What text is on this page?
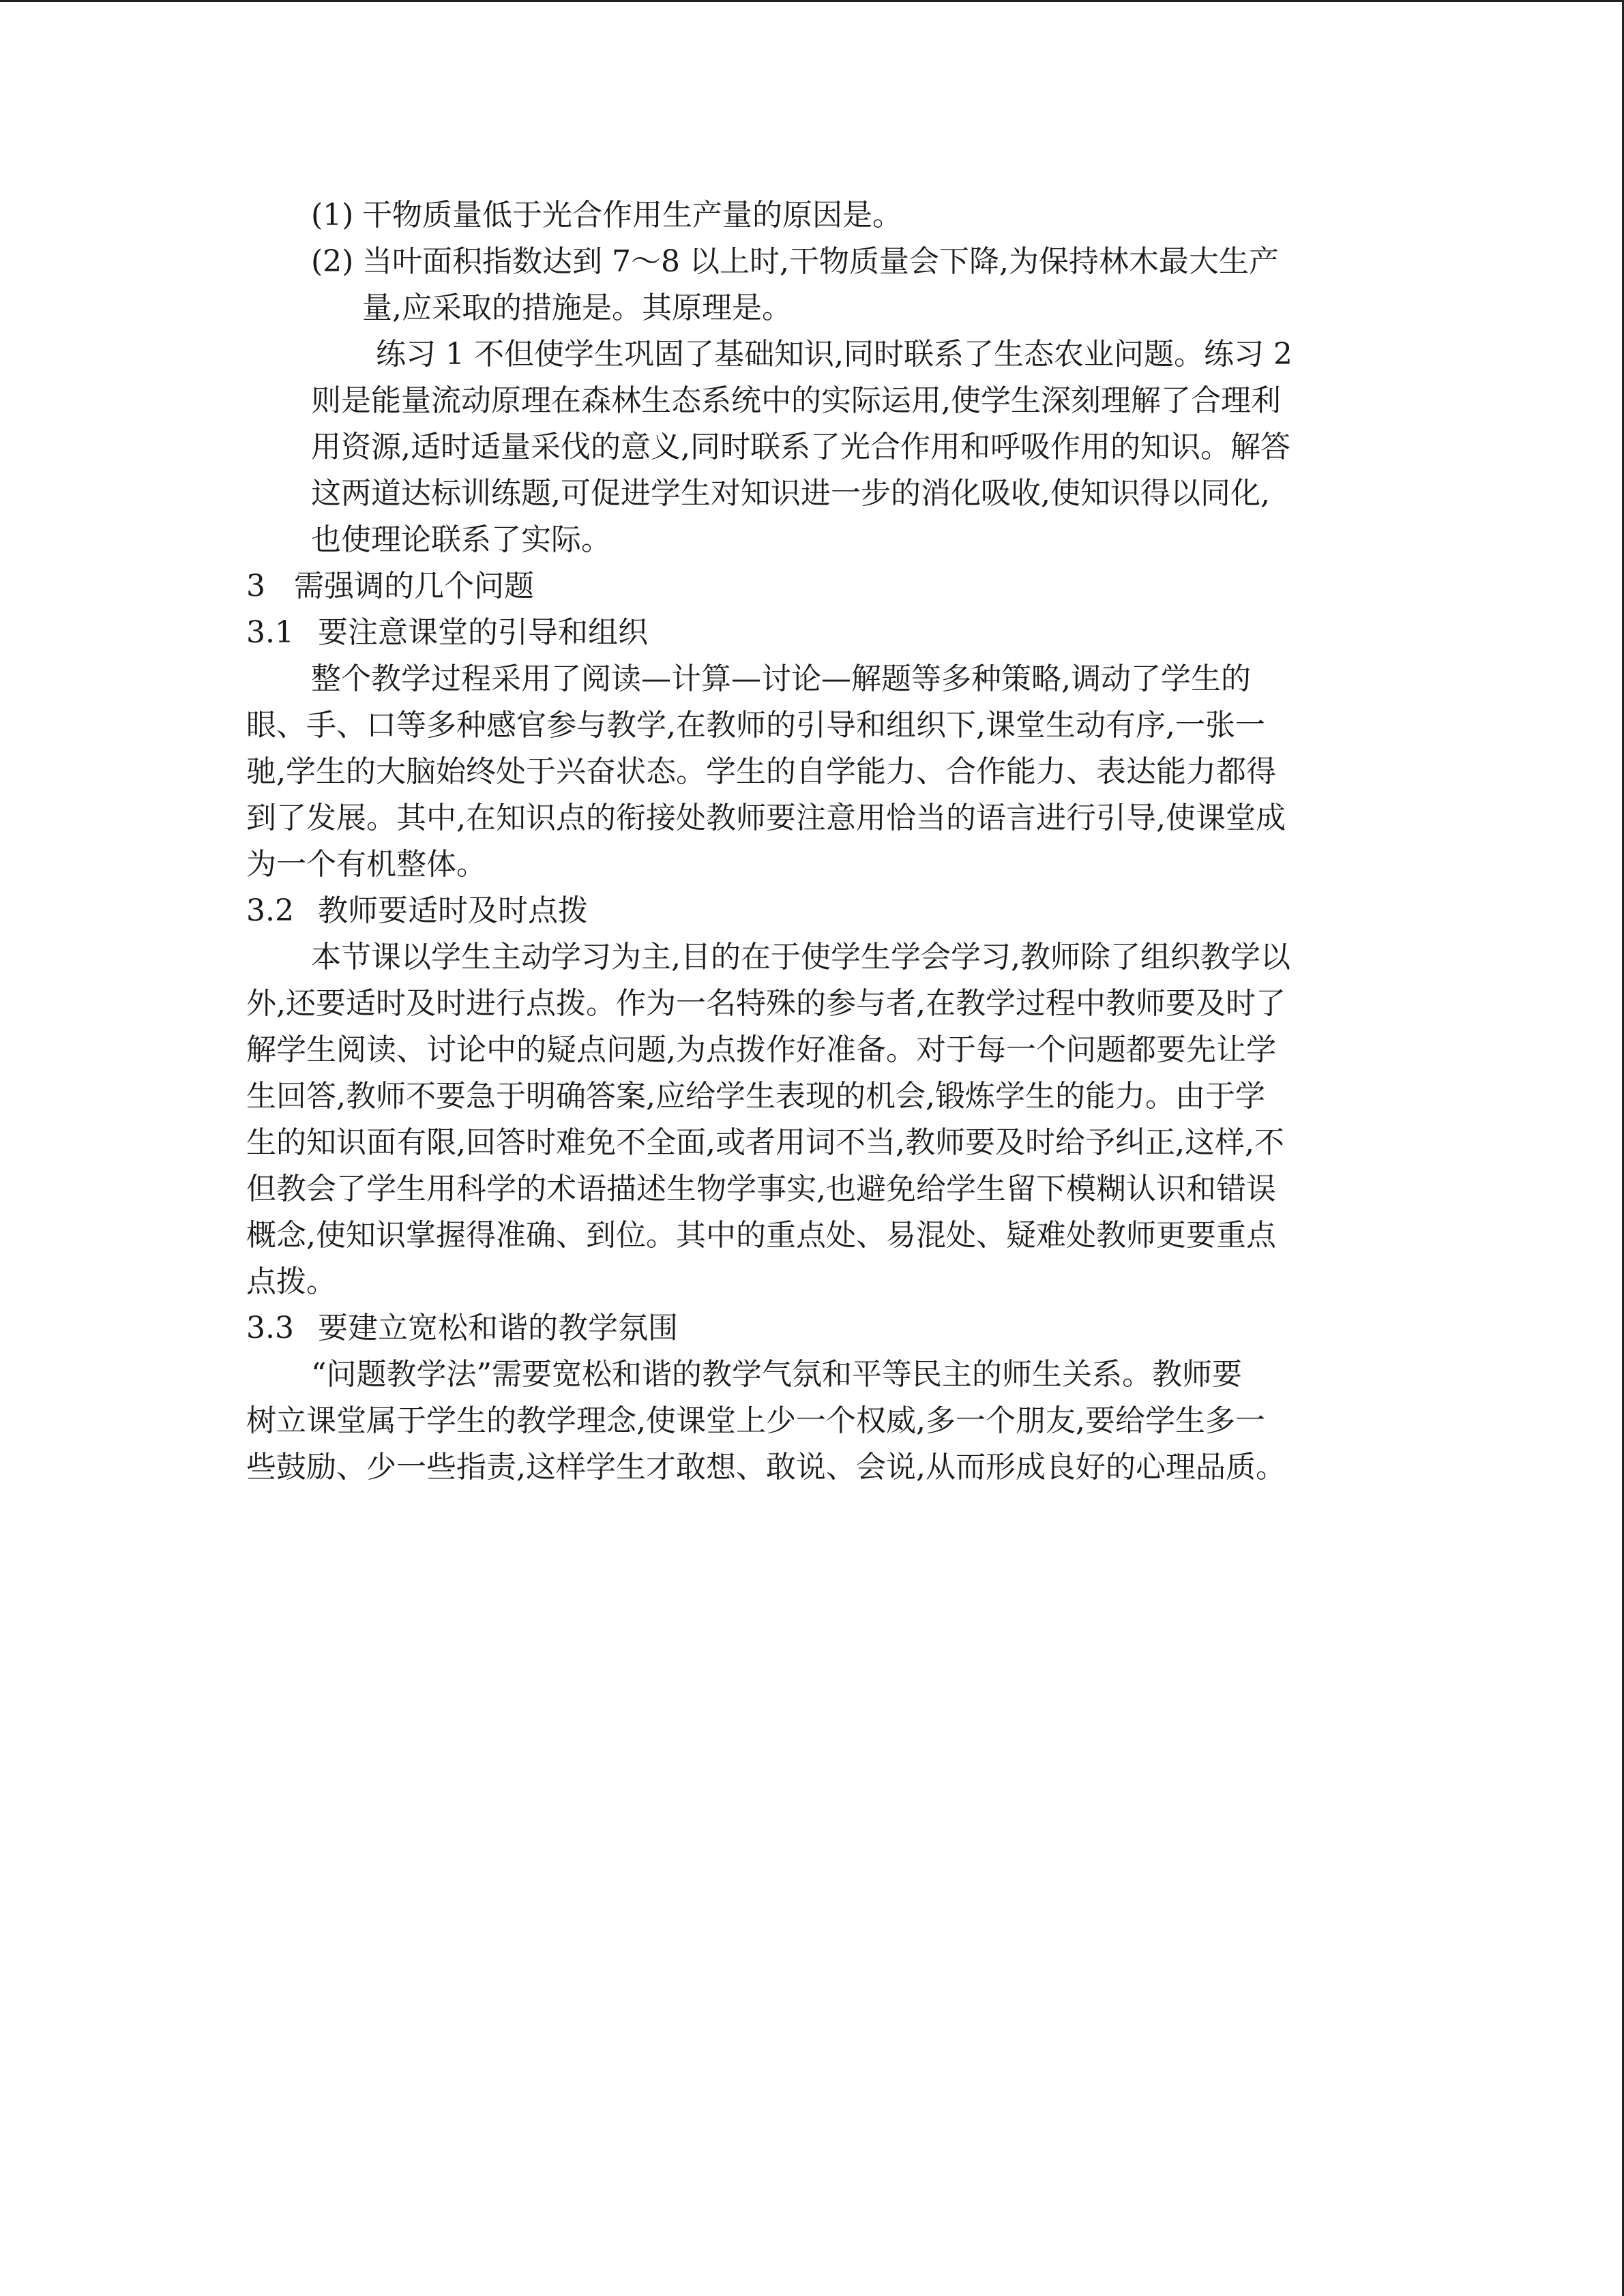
(1) 干物质量低于光合作用生产量的原因是。
(2) 当叶面积指数达到 7～8 以上时,干物质量会下降,为保持林木最大生产
量,应采取的措施是。其原理是。
练习 1 不但使学生巩固了基础知识,同时联系了生态农业问题。练习 2
则是能量流动原理在森林生态系统中的实际运用,使学生深刻理解了合理利
用资源,适时适量采伐的意义,同时联系了光合作用和呼吸作用的知识。解答
这两道达标训练题,可促进学生对知识进一步的消化吸收,使知识得以同化,
也使理论联系了实际。
3 需强调的几个问题
3.1 要注意课堂的引导和组织
整个教学过程采用了阅读—计算—讨论—解题等多种策略,调动了学生的
眼、手、口等多种感官参与教学,在教师的引导和组织下,课堂生动有序,一张一
驰,学生的大脑始终处于兴奋状态。学生的自学能力、合作能力、表达能力都得
到了发展。其中,在知识点的衔接处教师要注意用恰当的语言进行引导,使课堂成
为一个有机整体。
3.2 教师要适时及时点拨
本节课以学生主动学习为主,目的在于使学生学会学习,教师除了组织教学以
外,还要适时及时进行点拨。作为一名特殊的参与者,在教学过程中教师要及时了
解学生阅读、讨论中的疑点问题,为点拨作好准备。对于每一个问题都要先让学
生回答,教师不要急于明确答案,应给学生表现的机会,锻炼学生的能力。由于学
生的知识面有限,回答时难免不全面,或者用词不当,教师要及时给予纠正,这样,不
但教会了学生用科学的术语描述生物学事实,也避免给学生留下模糊认识和错误
概念,使知识掌握得准确、到位。其中的重点处、易混处、疑难处教师更要重点
点拨。
3.3 要建立宽松和谐的教学氛围
“问题教学法”需要宽松和谐的教学气氛和平等民主的师生关系。教师要
树立课堂属于学生的教学理念,使课堂上少一个权威,多一个朋友,要给学生多一
些鼓励、少一些指责,这样学生才敢想、敢说、会说,从而形成良好的心理品质。
